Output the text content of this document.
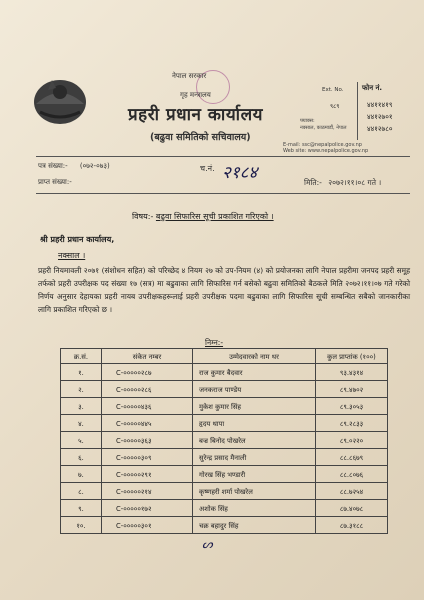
नेपाल सरकार
गृह मन्त्रालय
प्रहरी प्रधान कार्यालय
(बढुवा समितिको सचिवालय)
Ext. No.
९८९
फोन नं.
४४११४१९
४४१२७०१
४४१२७८०
फ्याक्स:
नक्साल, काठमाडौं, नेपाल
E-mail: ssc@nepalpolice.gov.np
Web site: www.nepalpolice.gov.np
पत्र संख्या:- (०७२-०७३)
प्राप्त संख्या:-
च.नं. २१८४	मिति:- २०७२।११।०८ गते ।
विषय:- बढुवा सिफारिस सूची प्रकाशित गरिएको ।
श्री प्रहरी प्रधान कार्यालय,
नक्साल ।
प्रहरी नियमावली २०७१ (संशोधन सहित) को परिच्छेद ४ नियम २७ को उप-नियम (४) को प्रयोजनका लागि नेपाल प्रहरीमा जनपद प्रहरी समूह तर्फको प्रहरी उपरीक्षक पद संख्या १७ (सत्र) मा बढुवाका लागि सिफारिस गर्न बसेको बढुवा समितिको बैठकले मिति २०७२।११।०७ गते गरेको निर्णय अनुसार देहायका प्रहरी नायब उपरीक्षकहरूलाई प्रहरी उपरीक्षक पदमा बढुवाका लागि सिफारिस सूची सम्बन्धित सबैको जानकारीका लागि प्रकाशित गरिएको छ ।
निम्न:-
क्र.सं.	संकेत नम्बर	उम्मेदवारको नाम थर	कुल प्राप्तांक (१००)
१.	C-०००००२८७	राज कुमार बैदवार	९३.४३१४
२.	C-०००००२८६	जनकराज पाण्डेय	८९.४७०२
३.	C-०००००४३६	मुकेश कुमार सिंह	८९.३०५३
४.	C-०००००४४५	हृदय थापा	८९.२८३३
५.	C-०००००३६३	बज्र बिनोद पोखरेल	८९.०२२०
६.	C-०००००३०९	सुरेन्द्र प्रसाद मैनाली	८८.८६७९
७.	C-०००००२९१	गोरख सिंह भण्डारी	८८.८०७६
८.	C-०००००२१४	कृष्णहरी शर्मा पोखरेल	८८.७२५४
९.	C-०००००१७२	अशोक सिंह	८७.४०७८
१०.	C-०००००३०१	चक्र बहादुर सिंह	८७.३१८८
ᔕ
